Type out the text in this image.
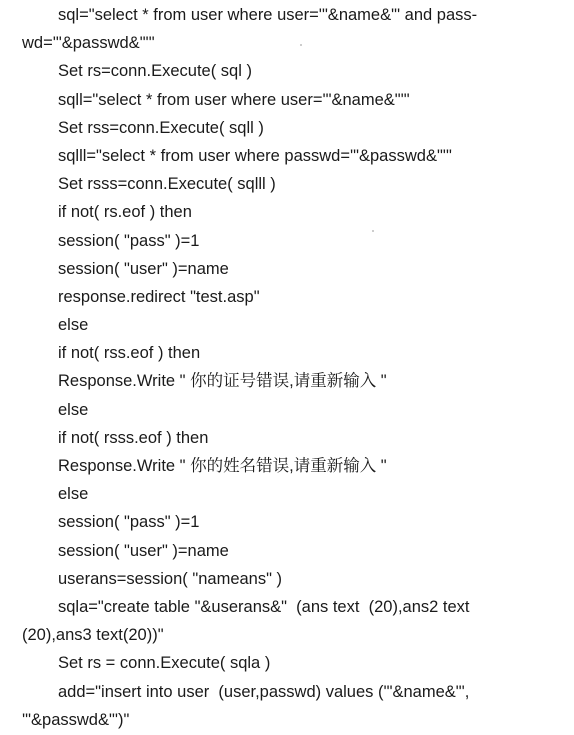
sql="select * from user where user='"&name&"' and pass-
wd='"&passwd&"'"
Set rs=conn.Execute( sql )
sqll="select * from user where user='"&name&"'"
Set rss=conn.Execute( sqll )
sqlll="select * from user where passwd='"&passwd&"'"
Set rsss=conn.Execute( sqlll )
if not( rs.eof ) then
session( "pass" )=1
session( "user" )=name
response.redirect "test.asp"
else
if not( rss.eof ) then
Response.Write " 你的证号错误,请重新输入 "
else
if not( rsss.eof ) then
Response.Write " 你的姓名错误,请重新输入 "
else
session( "pass" )=1
session( "user" )=name
userans=session( "nameans" )
sqla="create table "&userans&"  (ans text  (20),ans2 text
(20),ans3 text(20))"
Set rs = conn.Execute( sqla )
add="insert into user  (user,passwd) values ('"&name&"',
'"&passwd&"')"
